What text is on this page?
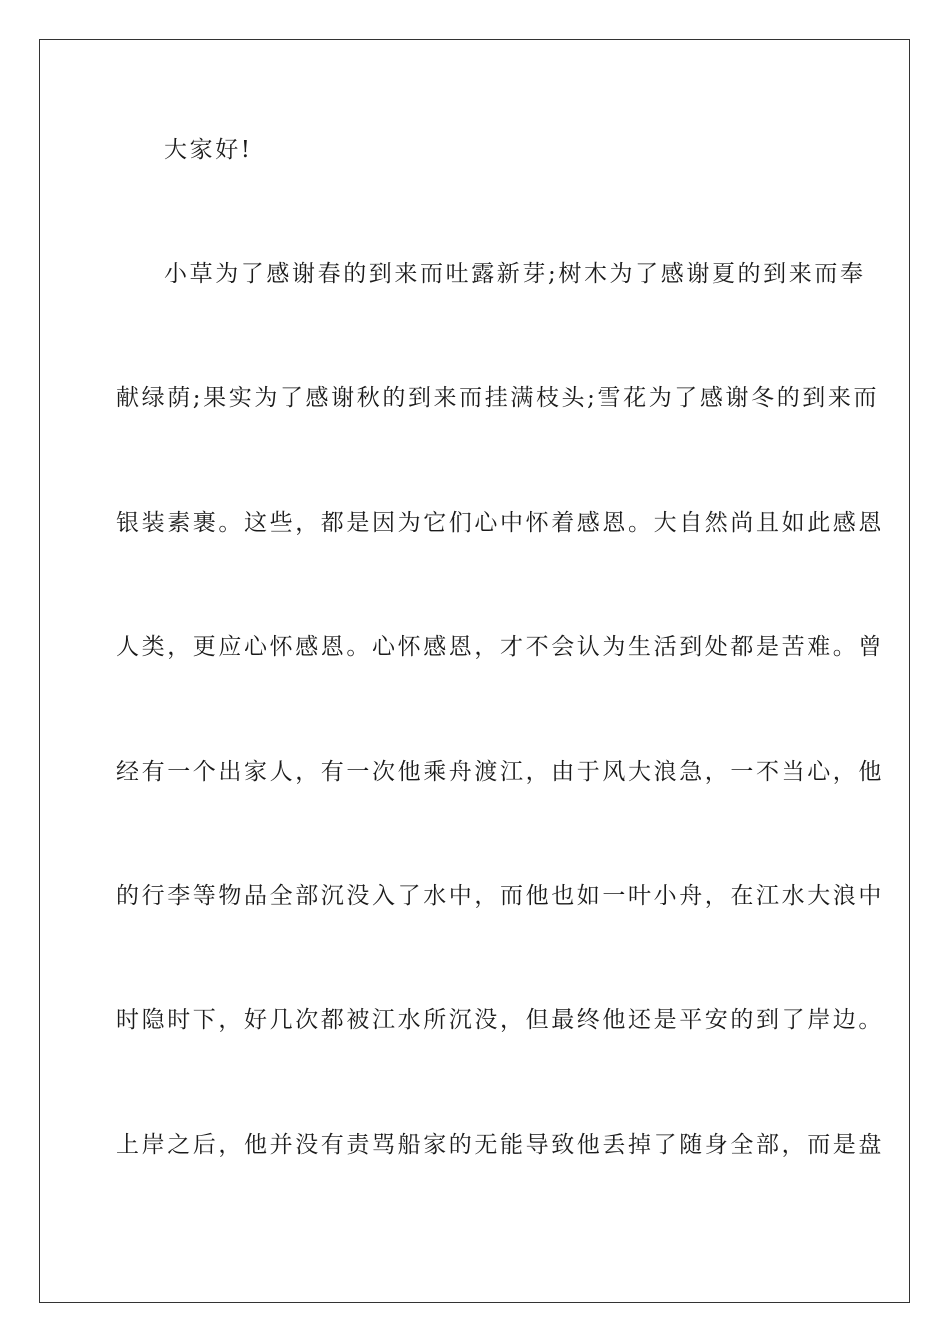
大家好!
小草为了感谢春的到来而吐露新芽;树木为了感谢夏的到来而奉
献绿荫;果实为了感谢秋的到来而挂满枝头;雪花为了感谢冬的到来而
银装素裹。这些，都是因为它们心中怀着感恩。大自然尚且如此感恩
人类，更应心怀感恩。心怀感恩，才不会认为生活到处都是苦难。曾
经有一个出家人，有一次他乘舟渡江，由于风大浪急，一不当心，他
的行李等物品全部沉没入了水中，而他也如一叶小舟，在江水大浪中
时隐时下，好几次都被江水所沉没，但最终他还是平安的到了岸边。
上岸之后，他并没有责骂船家的无能导致他丢掉了随身全部，而是盘
